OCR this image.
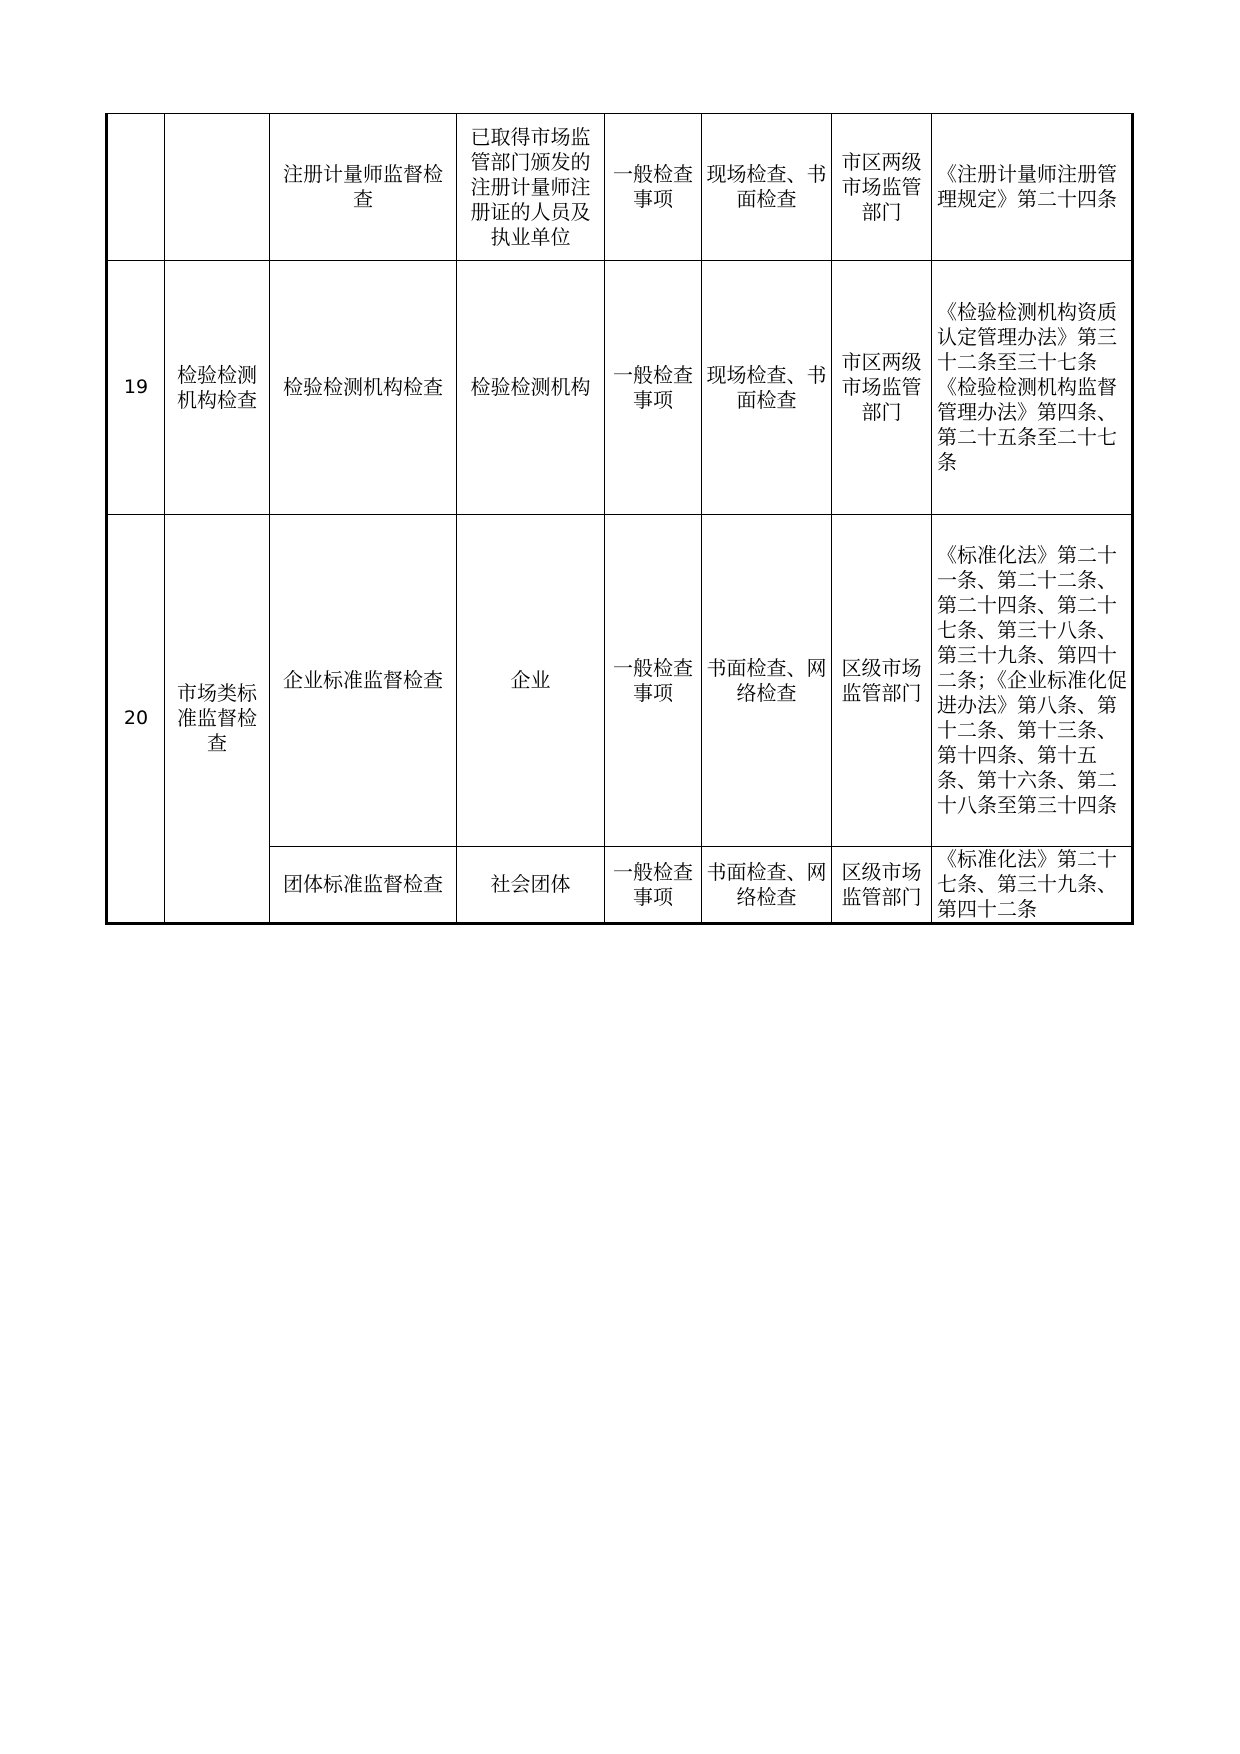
		注册计量师监督检查	已取得市场监管部门颁发的注册计量师注册证的人员及执业单位	一般检查事项	现场检查、书面检查	市区两级市场监管部门	《注册计量师注册管理规定》第二十四条

19	检验检测机构检查	检验检测机构检查	检验检测机构	一般检查事项	现场检查、书面检查	市区两级市场监管部门	《检验检测机构资质认定管理办法》第三十二条至三十七条 《检验检测机构监督管理办法》第四条、第二十五条至二十七条

20	市场类标准监督检查	企业标准监督检查	企业	一般检查事项	书面检查、网络检查	区级市场监管部门	《标准化法》第二十一条、第二十二条、第二十四条、第二十七条、第三十八条、第三十九条、第四十二条；《企业标准化促进办法》第八条、第十二条、第十三条、第十四条、第十五条、第十六条、第二十八条至第三十四条

		团体标准监督检查	社会团体	一般检查事项	书面检查、网络检查	区级市场监管部门	《标准化法》第二十七条、第三十九条、第四十二条
